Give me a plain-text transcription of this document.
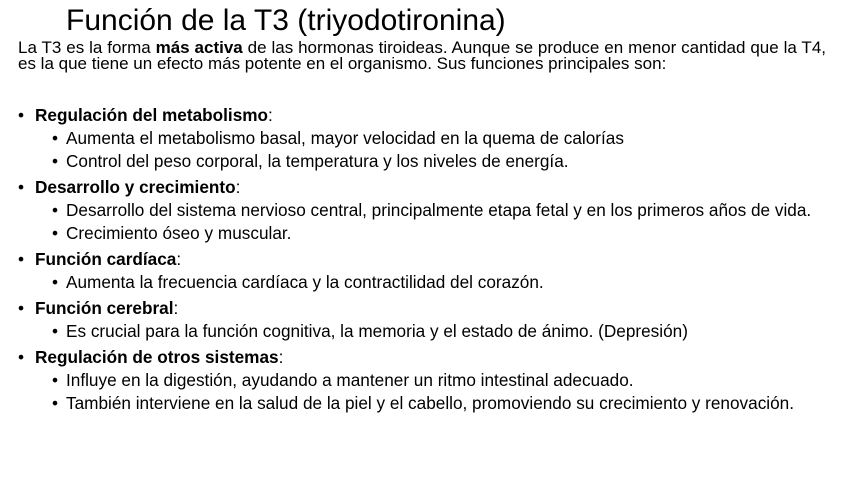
Función de la T3 (triyodotironina)

La T3 es la forma más activa de las hormonas tiroideas. Aunque se produce en menor cantidad que la T4, es la que tiene un efecto más potente en el organismo. Sus funciones principales son:

• Regulación del metabolismo:
• Aumenta el metabolismo basal, mayor velocidad en la quema de calorías
• Control del peso corporal, la temperatura y los niveles de energía.
• Desarrollo y crecimiento:
• Desarrollo del sistema nervioso central, principalmente etapa fetal y en los primeros años de vida.
• Crecimiento óseo y muscular.
• Función cardíaca:
• Aumenta la frecuencia cardíaca y la contractilidad del corazón.
• Función cerebral:
• Es crucial para la función cognitiva, la memoria y el estado de ánimo. (Depresión)
• Regulación de otros sistemas:
• Influye en la digestión, ayudando a mantener un ritmo intestinal adecuado.
• También interviene en la salud de la piel y el cabello, promoviendo su crecimiento y renovación.
